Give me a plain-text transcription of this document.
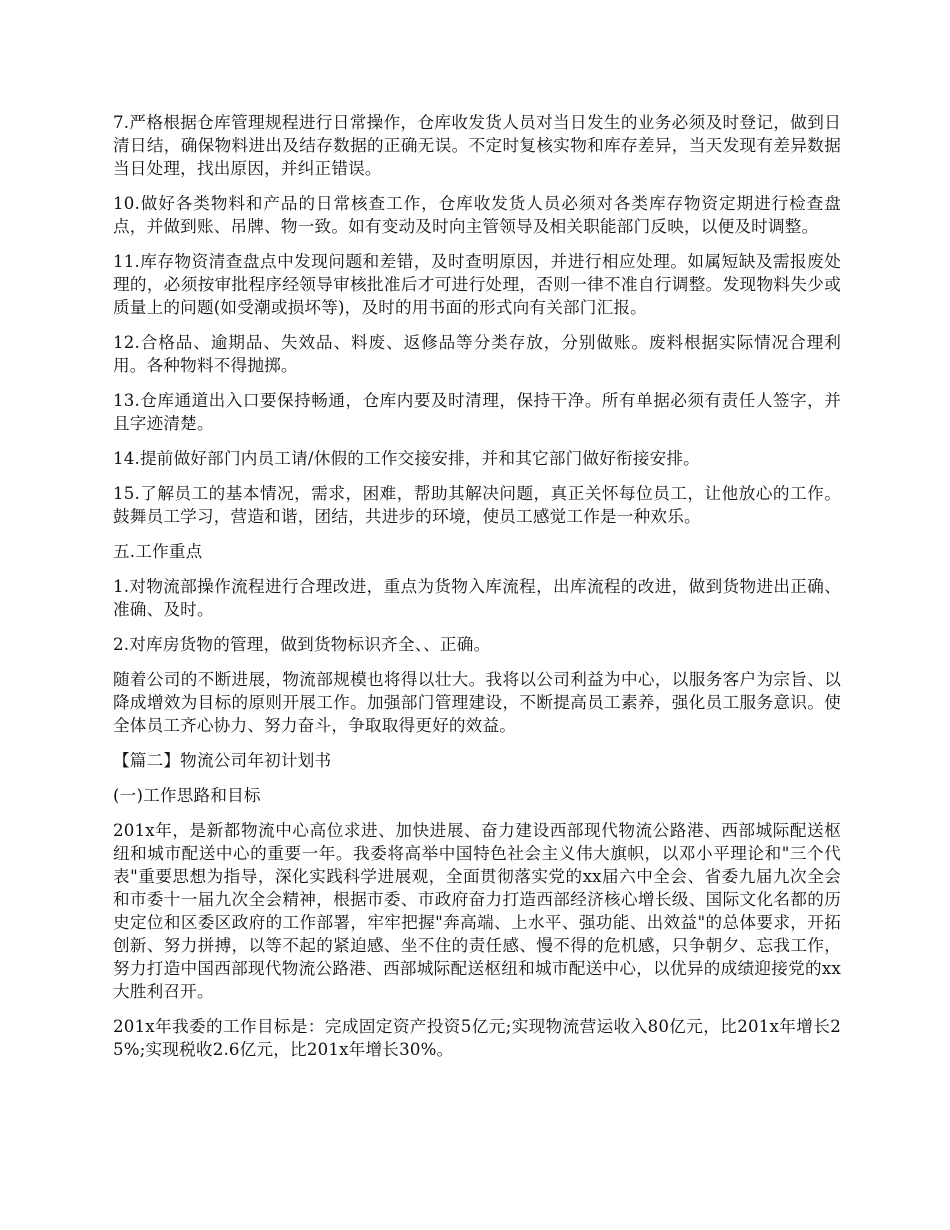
7.严格根据仓库管理规程进行日常操作，仓库收发货人员对当日发生的业务必须及时登记，做到日清日结，确保物料进出及结存数据的正确无误。不定时复核实物和库存差异，当天发现有差异数据当日处理，找出原因，并纠正错误。

10.做好各类物料和产品的日常核查工作，仓库收发货人员必须对各类库存物资定期进行检查盘点，并做到账、吊牌、物一致。如有变动及时向主管领导及相关职能部门反映，以便及时调整。

11.库存物资清查盘点中发现问题和差错，及时查明原因，并进行相应处理。如属短缺及需报废处理的，必须按审批程序经领导审核批准后才可进行处理，否则一律不准自行调整。发现物料失少或质量上的问题(如受潮或损坏等)，及时的用书面的形式向有关部门汇报。

12.合格品、逾期品、失效品、料废、返修品等分类存放，分别做账。废料根据实际情况合理利用。各种物料不得抛掷。

13.仓库通道出入口要保持畅通，仓库内要及时清理，保持干净。所有单据必须有责任人签字，并且字迹清楚。

14.提前做好部门内员工请/休假的工作交接安排，并和其它部门做好衔接安排。

15.了解员工的基本情况，需求，困难，帮助其解决问题，真正关怀每位员工，让他放心的工作。鼓舞员工学习，营造和谐，团结，共进步的环境，使员工感觉工作是一种欢乐。

五.工作重点

1.对物流部操作流程进行合理改进，重点为货物入库流程，出库流程的改进，做到货物进出正确、准确、及时。

2.对库房货物的管理，做到货物标识齐全、、正确。

随着公司的不断进展，物流部规模也将得以壮大。我将以公司利益为中心，以服务客户为宗旨、以降成增效为目标的原则开展工作。加强部门管理建设，不断提高员工素养，强化员工服务意识。使全体员工齐心协力、努力奋斗，争取取得更好的效益。

【篇二】物流公司年初计划书

(一)工作思路和目标

201x年，是新都物流中心高位求进、加快进展、奋力建设西部现代物流公路港、西部城际配送枢纽和城市配送中心的重要一年。我委将高举中国特色社会主义伟大旗帜，以邓小平理论和"三个代表"重要思想为指导，深化实践科学进展观，全面贯彻落实党的xx届六中全会、省委九届九次全会和市委十一届九次全会精神，根据市委、市政府奋力打造西部经济核心增长级、国际文化名都的历史定位和区委区政府的工作部署，牢牢把握"奔高端、上水平、强功能、出效益"的总体要求，开拓创新、努力拼搏，以等不起的紧迫感、坐不住的责任感、慢不得的危机感，只争朝夕、忘我工作，努力打造中国西部现代物流公路港、西部城际配送枢纽和城市配送中心，以优异的成绩迎接党的xx大胜利召开。

201x年我委的工作目标是：完成固定资产投资5亿元;实现物流营运收入80亿元，比201x年增长25%;实现税收2.6亿元，比201x年增长30%。
